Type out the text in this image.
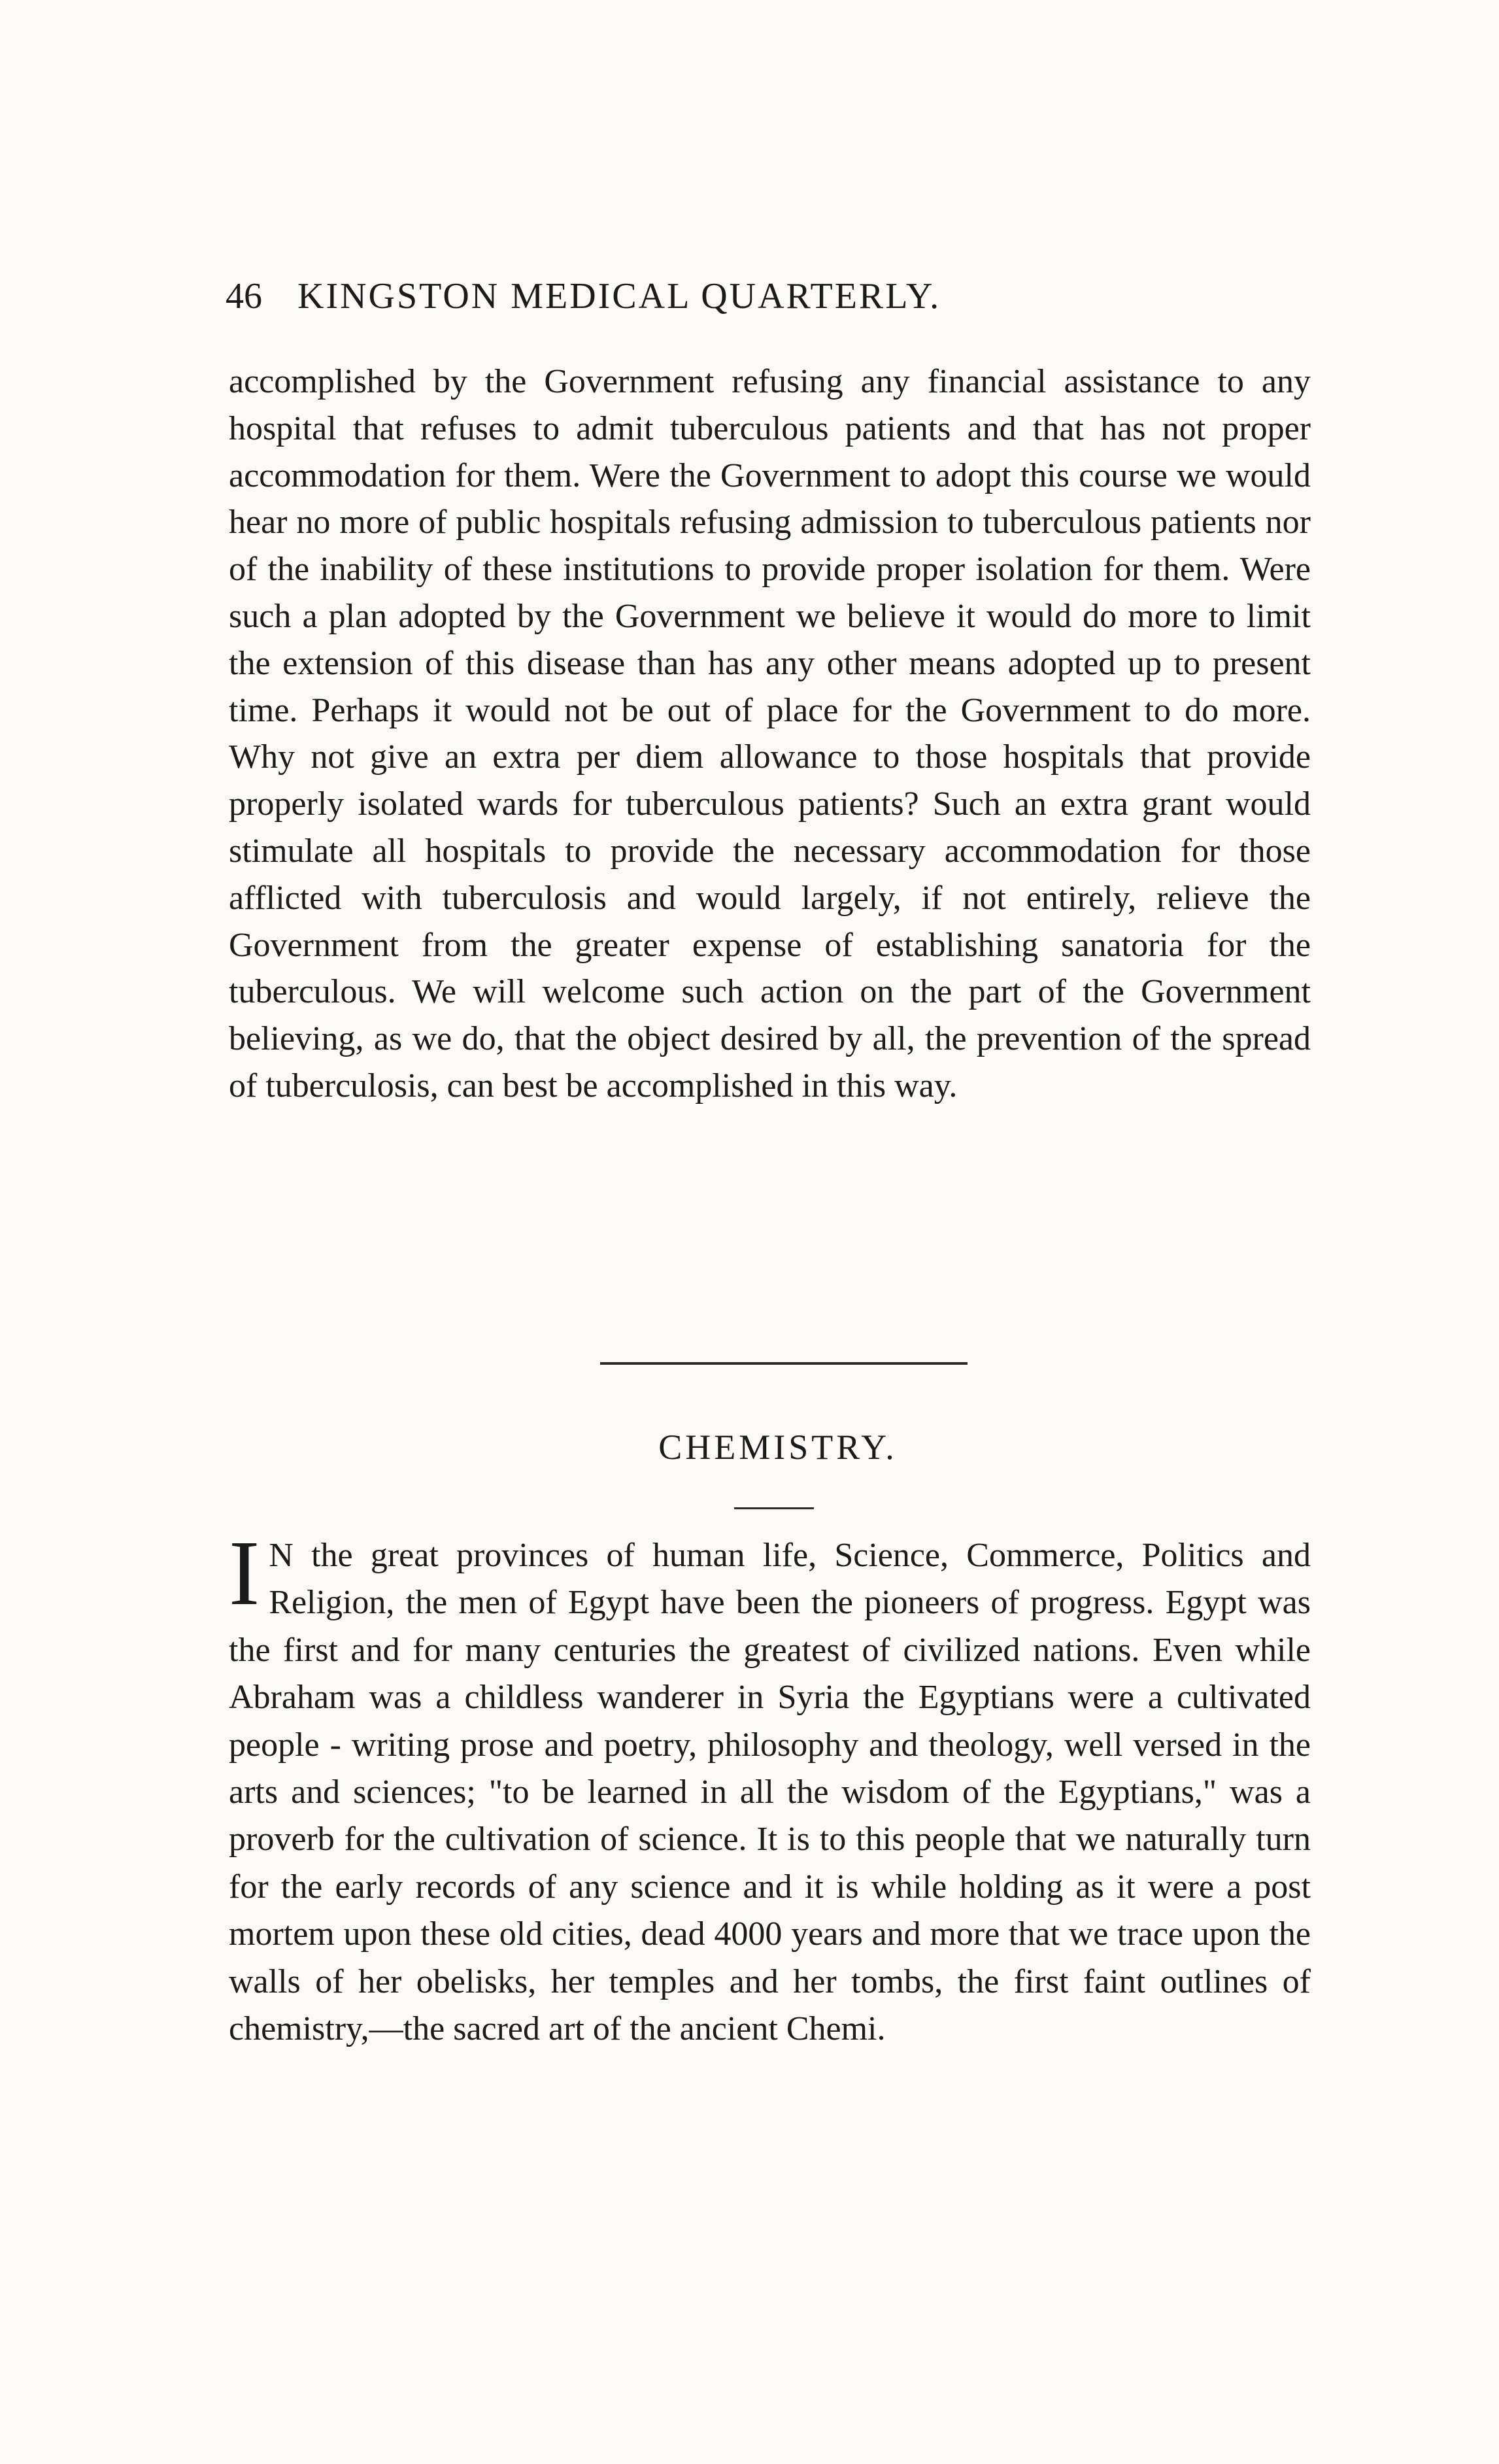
46 KINGSTON MEDICAL QUARTERLY.

accomplished by the Government refusing any financial assistance to any hospital that refuses to admit tuberculous patients and that has not proper accommodation for them. Were the Government to adopt this course we would hear no more of public hospitals refusing admission to tuberculous patients nor of the inability of these institutions to provide proper isolation for them. Were such a plan adopted by the Government we believe it would do more to limit the extension of this disease than has any other means adopted up to present time. Perhaps it would not be out of place for the Government to do more. Why not give an extra per diem allowance to those hospitals that provide properly isolated wards for tuberculous patients? Such an extra grant would stimulate all hospitals to provide the necessary accommodation for those afflicted with tuberculosis and would largely, if not entirely, relieve the Government from the greater expense of establishing sanatoria for the tuberculous. We will welcome such action on the part of the Government believing, as we do, that the object desired by all, the prevention of the spread of tuberculosis, can best be accomplished in this way.

CHEMISTRY.

I N the great provinces of human life, Science, Commerce, Politics and Religion, the men of Egypt have been the pioneers of progress. Egypt was the first and for many centuries the greatest of civilized nations. Even while Abraham was a childless wanderer in Syria the Egyptians were a cultivated people - writing prose and poetry, philosophy and theology, well versed in the arts and sciences; "to be learned in all the wisdom of the Egyptians," was a proverb for the cultivation of science. It is to this people that we naturally turn for the early records of any science and it is while holding as it were a post mortem upon these old cities, dead 4000 years and more that we trace upon the walls of her obelisks, her temples and her tombs, the first faint outlines of chemistry,—the sacred art of the ancient Chemi.
